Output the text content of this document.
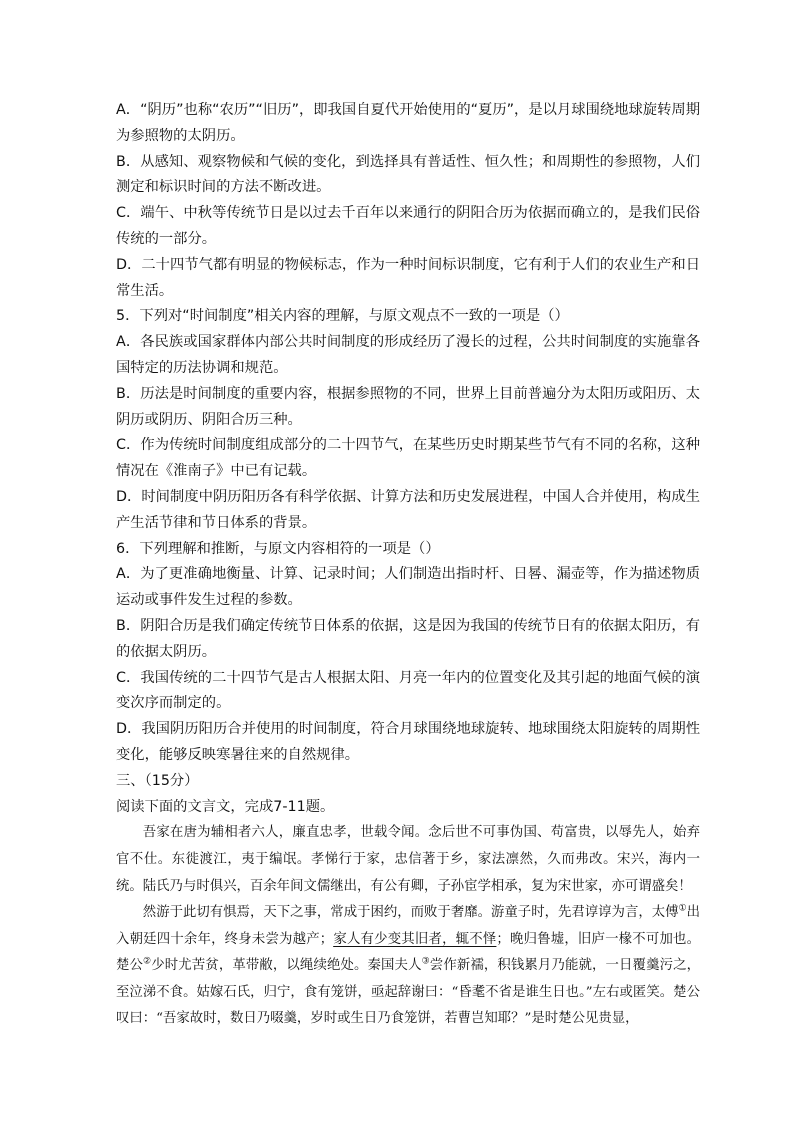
A．“阴历”也称“农历”“旧历”，即我国自夏代开始使用的“夏历”，是以月球围绕地球旋转周期为参照物的太阴历。

B．从感知、观察物候和气候的变化，到选择具有普适性、恒久性；和周期性的参照物，人们测定和标识时间的方法不断改进。

C．端午、中秋等传统节日是以过去千百年以来通行的阴阳合历为依据而确立的，是我们民俗传统的一部分。

D．二十四节气都有明显的物候标志，作为一种时间标识制度，它有利于人们的农业生产和日常生活。

5．下列对“时间制度”相关内容的理解，与原文观点不一致的一项是（）

A．各民族或国家群体内部公共时间制度的形成经历了漫长的过程，公共时间制度的实施靠各国特定的历法协调和规范。

B．历法是时间制度的重要内容，根据参照物的不同，世界上目前普遍分为太阳历或阳历、太阴历或阴历、阴阳合历三种。

C．作为传统时间制度组成部分的二十四节气，在某些历史时期某些节气有不同的名称，这种情况在《淮南子》中已有记载。

D．时间制度中阴历阳历各有科学依据、计算方法和历史发展进程，中国人合并使用，构成生产生活节律和节日体系的背景。

6．下列理解和推断，与原文内容相符的一项是（）

A．为了更准确地衡量、计算、记录时间；人们制造出指时杆、日晷、漏壶等，作为描述物质运动或事件发生过程的参数。

B．阴阳合历是我们确定传统节日体系的依据，这是因为我国的传统节日有的依据太阳历，有的依据太阴历。

C．我国传统的二十四节气是古人根据太阳、月亮一年内的位置变化及其引起的地面气候的演变次序而制定的。

D．我国阴历阳历合并使用的时间制度，符合月球围绕地球旋转、地球围绕太阳旋转的周期性变化，能够反映寒暑往来的自然规律。

三、（15分）

阅读下面的文言文，完成7-11题。

吾家在唐为辅相者六人，廉直忠孝，世载令闻。念后世不可事伪国、苟富贵，以辱先人，始弃官不仕。东徙渡江，夷于编氓。孝悌行于家，忠信著于乡，家法凛然，久而弗改。宋兴，海内一统。陆氏乃与时俱兴，百余年间文儒继出，有公有卿，子孙宦学相承，复为宋世家，亦可谓盛矣！

然游于此切有惧焉，天下之事，常成于困约，而败于奢靡。游童子时，先君谆谆为言，太傅①出入朝廷四十余年，终身未尝为越产；家人有少变其旧者，辄不怿；晚归鲁墟，旧庐一椽不可加也。楚公②少时尤苦贫，革带敝，以绳续绝处。秦国夫人③尝作新襦，积钱累月乃能就，一日覆羹污之，至泣涕不食。姑嫁石氏，归宁，食有笼饼，亟起辞谢曰：“昏耄不省是谁生日也。”左右或匿笑。楚公叹曰：“吾家故时，数日乃啜羹，岁时或生日乃食笼饼，若曹岂知耶？”是时楚公见贵显，
